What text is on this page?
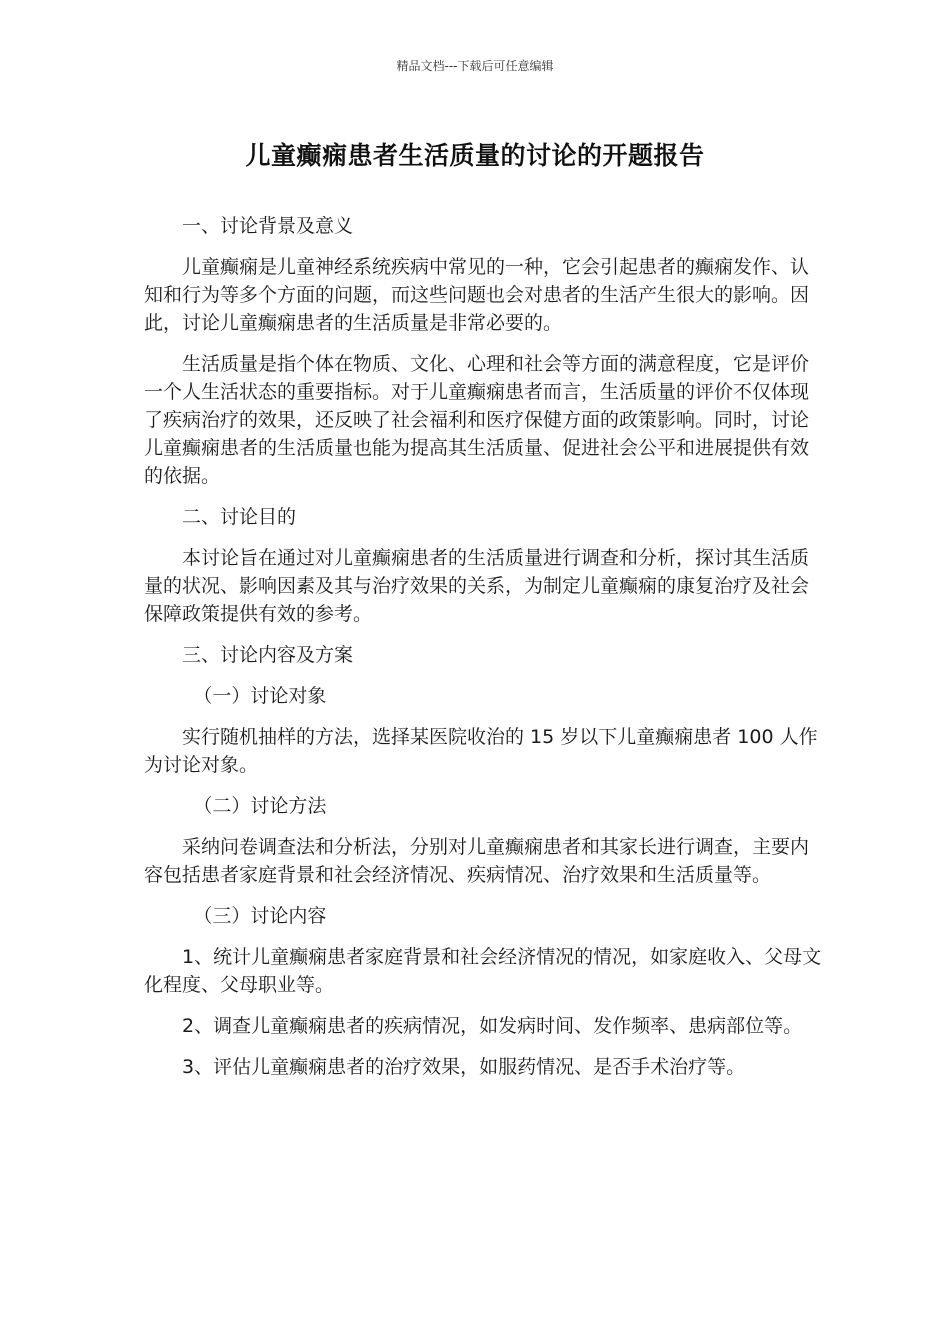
精品文档---下载后可任意编辑
儿童癫痫患者生活质量的讨论的开题报告

一、讨论背景及意义

儿童癫痫是儿童神经系统疾病中常见的一种，它会引起患者的癫痫发作、认知和行为等多个方面的问题，而这些问题也会对患者的生活产生很大的影响。因此，讨论儿童癫痫患者的生活质量是非常必要的。

生活质量是指个体在物质、文化、心理和社会等方面的满意程度，它是评价一个人生活状态的重要指标。对于儿童癫痫患者而言，生活质量的评价不仅体现了疾病治疗的效果，还反映了社会福利和医疗保健方面的政策影响。同时，讨论儿童癫痫患者的生活质量也能为提高其生活质量、促进社会公平和进展提供有效的依据。

二、讨论目的

本讨论旨在通过对儿童癫痫患者的生活质量进行调查和分析，探讨其生活质量的状况、影响因素及其与治疗效果的关系，为制定儿童癫痫的康复治疗及社会保障政策提供有效的参考。

三、讨论内容及方案

（一）讨论对象

实行随机抽样的方法，选择某医院收治的 15 岁以下儿童癫痫患者 100 人作为讨论对象。

（二）讨论方法

采纳问卷调查法和分析法，分别对儿童癫痫患者和其家长进行调查，主要内容包括患者家庭背景和社会经济情况、疾病情况、治疗效果和生活质量等。

（三）讨论内容

1、统计儿童癫痫患者家庭背景和社会经济情况的情况，如家庭收入、父母文化程度、父母职业等。

2、调查儿童癫痫患者的疾病情况，如发病时间、发作频率、患病部位等。

3、评估儿童癫痫患者的治疗效果，如服药情况、是否手术治疗等。
